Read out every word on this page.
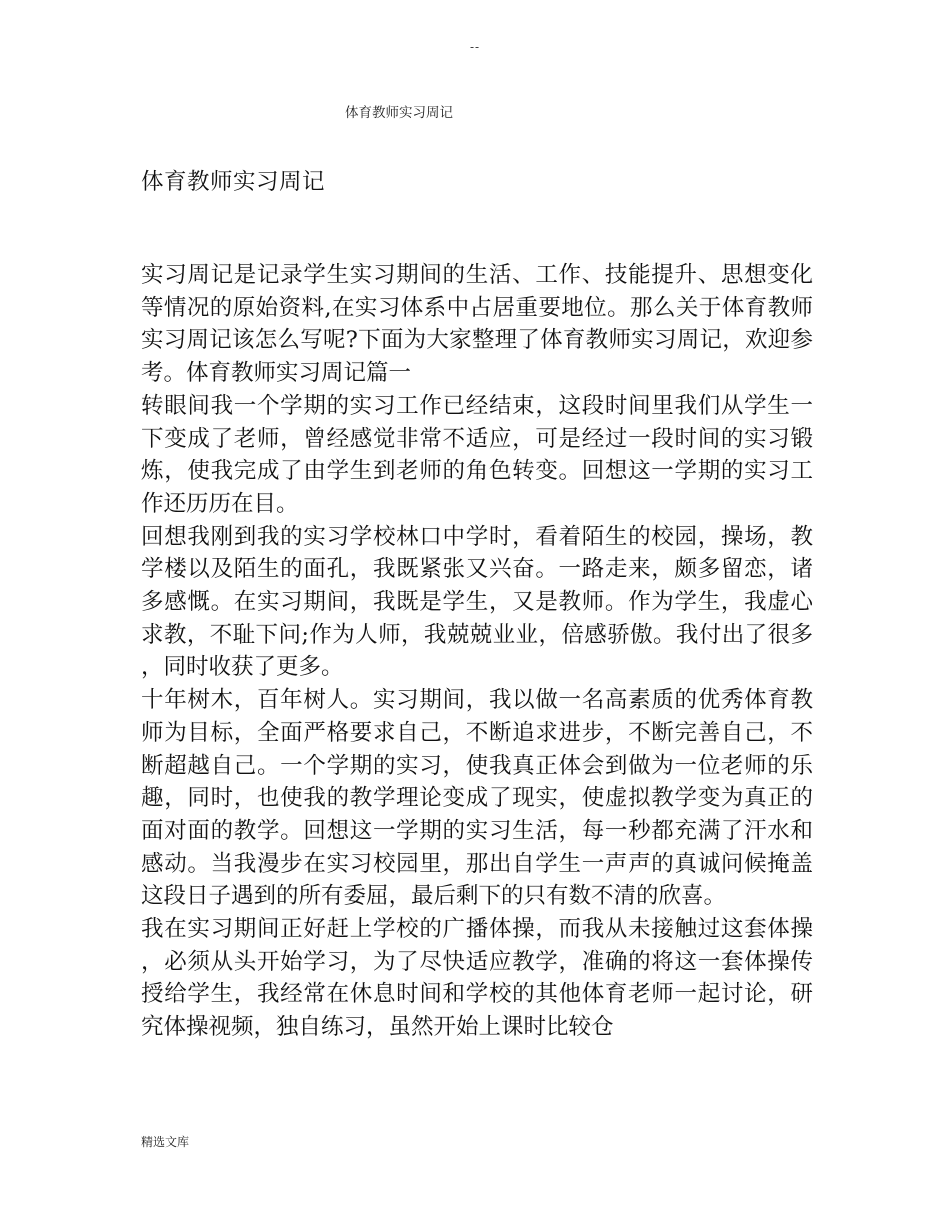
--
体育教师实习周记
体育教师实习周记

实习周记是记录学生实习期间的生活、工作、技能提升、思想变化等情况的原始资料,在实习体系中占居重要地位。那么关于体育教师实习周记该怎么写呢?下面为大家整理了体育教师实习周记，欢迎参考。体育教师实习周记篇一

转眼间我一个学期的实习工作已经结束，这段时间里我们从学生一下变成了老师，曾经感觉非常不适应，可是经过一段时间的实习锻炼，使我完成了由学生到老师的角色转变。回想这一学期的实习工作还历历在目。

回想我刚到我的实习学校林口中学时，看着陌生的校园，操场，教学楼以及陌生的面孔，我既紧张又兴奋。一路走来，颇多留恋，诸多感慨。在实习期间，我既是学生，又是教师。作为学生，我虚心求教，不耻下问;作为人师，我兢兢业业，倍感骄傲。我付出了很多，同时收获了更多。

十年树木，百年树人。实习期间，我以做一名高素质的优秀体育教师为目标，全面严格要求自己，不断追求进步，不断完善自己，不断超越自己。一个学期的实习，使我真正体会到做为一位老师的乐趣，同时，也使我的教学理论变成了现实，使虚拟教学变为真正的面对面的教学。回想这一学期的实习生活，每一秒都充满了汗水和感动。当我漫步在实习校园里，那出自学生一声声的真诚问候掩盖这段日子遇到的所有委屈，最后剩下的只有数不清的欣喜。

我在实习期间正好赶上学校的广播体操，而我从未接触过这套体操，必须从头开始学习，为了尽快适应教学，准确的将这一套体操传授给学生，我经常在休息时间和学校的其他体育老师一起讨论，研究体操视频，独自练习，虽然开始上课时比较仓

精选文库
